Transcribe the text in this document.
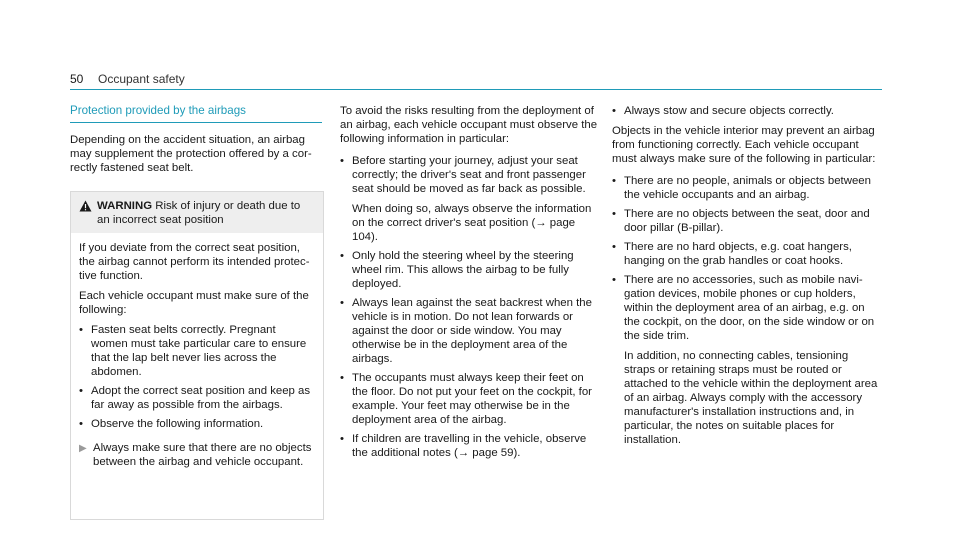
50 Occupant safety
Protection provided by the airbags

Depending on the accident situation, an airbag may supplement the protection offered by a correctly fastened seat belt.

WARNING Risk of injury or death due to an incorrect seat position

If you deviate from the correct seat position, the airbag cannot perform its intended protective function.

Each vehicle occupant must make sure of the following:

• Fasten seat belts correctly. Pregnant women must take particular care to ensure that the lap belt never lies across the abdomen.
• Adopt the correct seat position and keep as far away as possible from the airbags.
• Observe the following information.
▶ Always make sure that there are no objects between the airbag and vehicle occupant.

To avoid the risks resulting from the deployment of an airbag, each vehicle occupant must observe the following information in particular:

• Before starting your journey, adjust your seat correctly; the driver's seat and front passenger seat should be moved as far back as possible.
When doing so, always observe the information on the correct driver's seat position (→ page 104).
• Only hold the steering wheel by the steering wheel rim. This allows the airbag to be fully deployed.
• Always lean against the seat backrest when the vehicle is in motion. Do not lean forwards or against the door or side window. You may otherwise be in the deployment area of the airbags.
• The occupants must always keep their feet on the floor. Do not put your feet on the cockpit, for example. Your feet may otherwise be in the deployment area of the airbag.
• If children are travelling in the vehicle, observe the additional notes (→ page 59).
• Always stow and secure objects correctly.

Objects in the vehicle interior may prevent an airbag from functioning correctly. Each vehicle occupant must always make sure of the following in particular:

• There are no people, animals or objects between the vehicle occupants and an airbag.
• There are no objects between the seat, door and door pillar (B-pillar).
• There are no hard objects, e.g. coat hangers, hanging on the grab handles or coat hooks.
• There are no accessories, such as mobile navigation devices, mobile phones or cup holders, within the deployment area of an airbag, e.g. on the cockpit, on the door, on the side window or on the side trim.
In addition, no connecting cables, tensioning straps or retaining straps must be routed or attached to the vehicle within the deployment area of an airbag. Always comply with the accessory manufacturer's installation instructions and, in particular, the notes on suitable places for installation.
